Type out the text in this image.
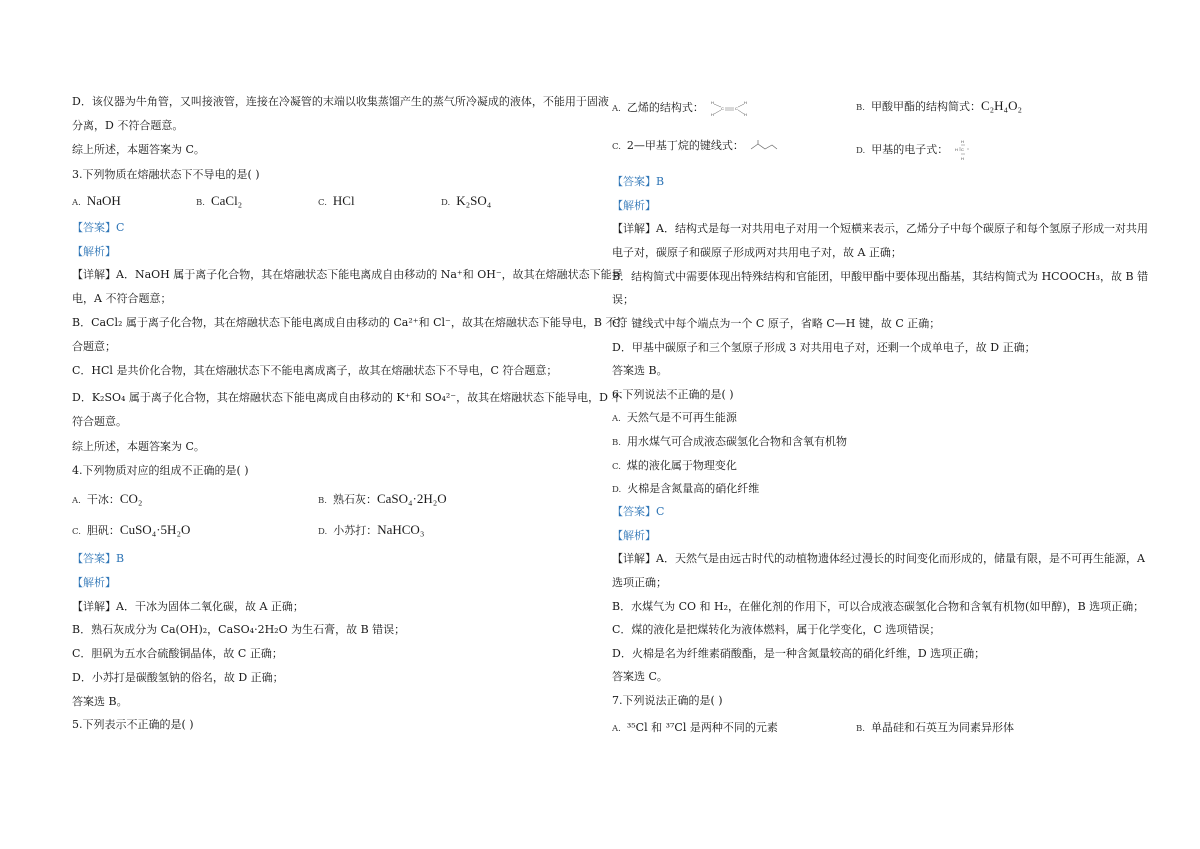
D．该仪器为牛角管，又叫接液管，连接在冷凝管的末端以收集蒸馏产生的蒸气所冷凝成的液体，不能用于固液
分离，D 不符合题意。
综上所述，本题答案为 C。
3.下列物质在熔融状态下不导电的是( )
A. NaOH	B. CaCl₂	C. HCl	D. K₂SO₄
【答案】C
【解析】
【详解】A．NaOH 属于离子化合物，其在熔融状态下能电离成自由移动的 Na⁺和 OH⁻，故其在熔融状态下能导
电，A 不符合题意；
B．CaCl₂ 属于离子化合物，其在熔融状态下能电离成自由移动的 Ca²⁺和 Cl⁻，故其在熔融状态下能导电，B 不符
合题意；
C．HCl 是共价化合物，其在熔融状态下不能电离成离子，故其在熔融状态下不导电，C 符合题意；
D．K₂SO₄ 属于离子化合物，其在熔融状态下能电离成自由移动的 K⁺和 SO₄²⁻，故其在熔融状态下能导电，D 不
符合题意。
综上所述，本题答案为 C。
4.下列物质对应的组成不正确的是( )
A. 干冰：CO₂	B. 熟石灰：CaSO₄·2H₂O
C. 胆矾：CuSO₄·5H₂O	D. 小苏打：NaHCO₃
【答案】B
【解析】
【详解】A．干冰为固体二氧化碳，故 A 正确；
B．熟石灰成分为 Ca(OH)₂，CaSO₄·2H₂O 为生石膏，故 B 错误；
C．胆矾为五水合硫酸铜晶体，故 C 正确；
D．小苏打是碳酸氢钠的俗名，故 D 正确；
答案选 B。
5.下列表示不正确的是( )
A. 乙烯的结构式： H
H
C	C
H
H
B. 甲酸甲酯的结构简式：C₂H₄O₂
C. 2—甲基丁烷的键线式：	D. 甲基的电子式：
H
C
H
H
【答案】B
【解析】
【详解】A．结构式是每一对共用电子对用一个短横来表示，乙烯分子中每个碳原子和每个氢原子形成一对共用
电子对，碳原子和碳原子形成两对共用电子对，故 A 正确；
B．结构简式中需要体现出特殊结构和官能团，甲酸甲酯中要体现出酯基，其结构简式为 HCOOCH₃，故 B 错
误；
C．键线式中每个端点为一个 C 原子，省略 C—H 键，故 C 正确；
D．甲基中碳原子和三个氢原子形成 3 对共用电子对，还剩一个成单电子，故 D 正确；
答案选 B。
6.下列说法不正确的是( )
A. 天然气是不可再生能源
B. 用水煤气可合成液态碳氢化合物和含氧有机物
C. 煤的液化属于物理变化
D. 火棉是含氮量高的硝化纤维
【答案】C
【解析】
【详解】A．天然气是由远古时代的动植物遗体经过漫长的时间变化而形成的，储量有限，是不可再生能源，A
选项正确；
B．水煤气为 CO 和 H₂，在催化剂的作用下，可以合成液态碳氢化合物和含氧有机物(如甲醇)，B 选项正确；
C．煤的液化是把煤转化为液体燃料，属于化学变化，C 选项错误；
D．火棉是名为纤维素硝酸酯，是一种含氮量较高的硝化纤维，D 选项正确；
答案选 C。
7.下列说法正确的是( )
A. ³⁵Cl 和 ³⁷Cl 是两种不同的元素	B. 单晶硅和石英互为同素异形体
